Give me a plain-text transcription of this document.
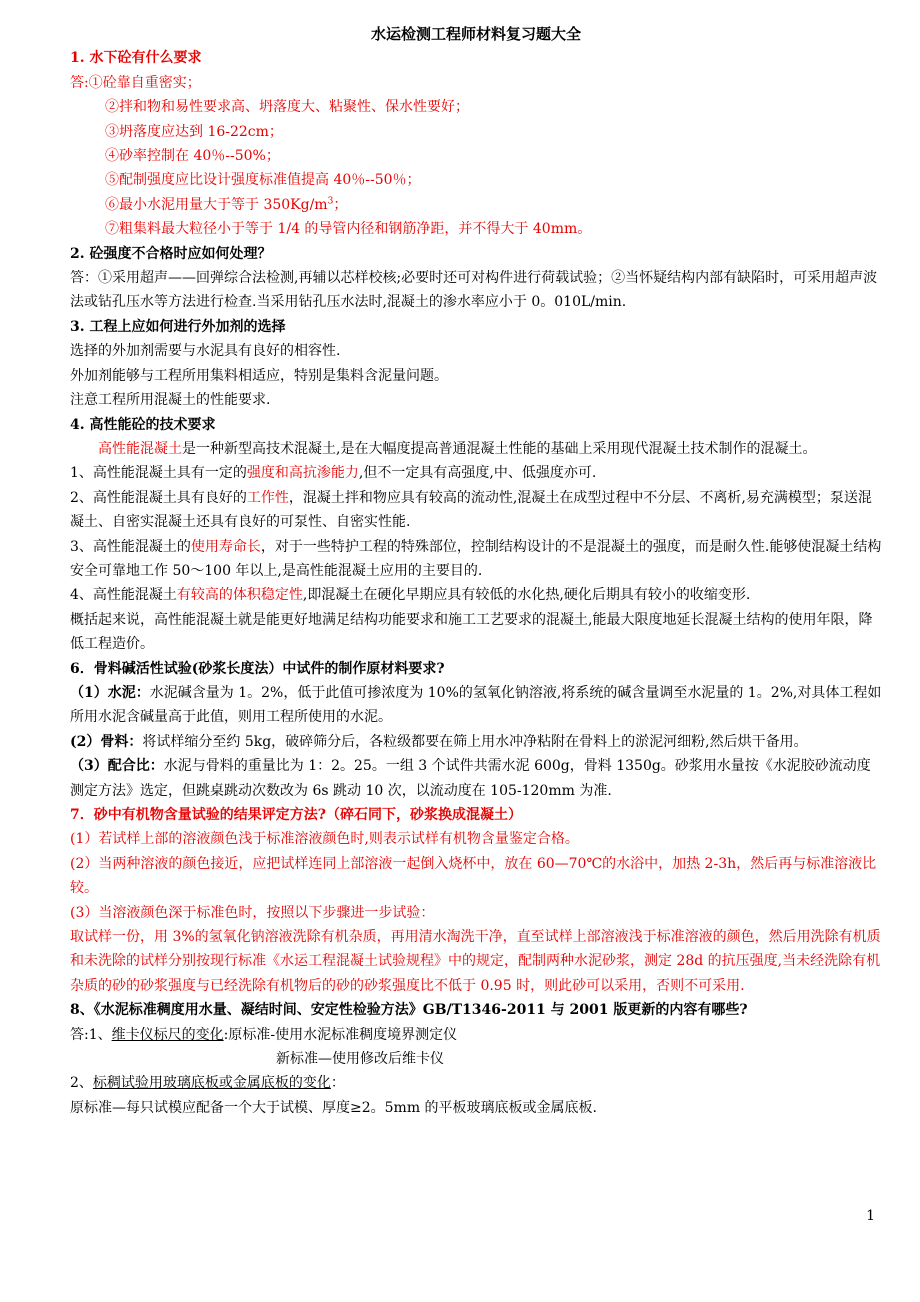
水运检测工程师材料复习题大全
1. 水下砼有什么要求

答:①砼靠自重密实；

②拌和物和易性要求高、坍落度大、粘聚性、保水性要好；

③坍落度应达到 16-22cm；

④砂率控制在 40％--50%；

⑤配制强度应比设计强度标准值提高 40％--50％；

⑥最小水泥用量大于等于 $350Kg/m^3$；

⑦粗集料最大粒径小于等于 1/4 的导管内径和钢筋净距，并不得大于 40mm。

2. 砼强度不合格时应如何处理？

答：①采用超声——回弹综合法检测,再辅以芯样校核;必要时还可对构件进行荷载试验；②当怀疑结构内部有缺陷时，可采用超声波法或钻孔压水等方法进行检查.当采用钻孔压水法时,混凝土的渗水率应小于 0。010L/min.

3. 工程上应如何进行外加剂的选择

选择的外加剂需要与水泥具有良好的相容性.

外加剂能够与工程所用集料相适应，特别是集料含泥量问题。

注意工程所用混凝土的性能要求.

4. 高性能砼的技术要求

高性能混凝土是一种新型高技术混凝土,是在大幅度提高普通混凝土性能的基础上采用现代混凝土技术制作的混凝土。

1、高性能混凝土具有一定的强度和高抗渗能力,但不一定具有高强度,中、低强度亦可.

2、高性能混凝土具有良好的工作性，混凝土拌和物应具有较高的流动性,混凝土在成型过程中不分层、不离析,易充满模型；泵送混凝土、自密实混凝土还具有良好的可泵性、自密实性能.

3、高性能混凝土的使用寿命长，对于一些特护工程的特殊部位，控制结构设计的不是混凝土的强度，而是耐久性.能够使混凝土结构安全可靠地工作 50～100 年以上,是高性能混凝土应用的主要目的.

4、高性能混凝土有较高的体积稳定性,即混凝土在硬化早期应具有较低的水化热,硬化后期具有较小的收缩变形.

概括起来说，高性能混凝土就是能更好地满足结构功能要求和施工工艺要求的混凝土,能最大限度地延长混凝土结构的使用年限，降低工程造价。

6．骨料碱活性试验(砂浆长度法）中试件的制作原材料要求?

（1）水泥：水泥碱含量为 1。2%，低于此值可掺浓度为 10%的氢氧化钠溶液,将系统的碱含量调至水泥量的 1。2%,对具体工程如所用水泥含碱量高于此值，则用工程所使用的水泥。

(2）骨料：将试样缩分至约 5kg，破碎筛分后，各粒级都要在筛上用水冲净粘附在骨料上的淤泥河细粉,然后烘干备用。

（3）配合比：水泥与骨料的重量比为 1：2。25。一组 3 个试件共需水泥 600g，骨料 1350g。砂浆用水量按《水泥胶砂流动度测定方法》选定，但跳桌跳动次数改为 6s 跳动 10 次，以流动度在 105-120mm 为准.

7．砂中有机物含量试验的结果评定方法?（碎石同下，砂浆换成混凝土）

(1）若试样上部的溶液颜色浅于标准溶液颜色时,则表示试样有机物含量鉴定合格。

(2）当两种溶液的颜色接近，应把试样连同上部溶液一起倒入烧杯中，放在 60—70℃的水浴中，加热 2-3h，然后再与标准溶液比较。

(3）当溶液颜色深于标准色时，按照以下步骤进一步试验：

取试样一份，用 3%的氢氧化钠溶液洗除有机杂质，再用清水淘洗干净，直至试样上部溶液浅于标准溶液的颜色，然后用洗除有机质和未洗除的试样分别按现行标准《水运工程混凝土试验规程》中的规定，配制两种水泥砂浆，测定 28d 的抗压强度,当未经洗除有机杂质的砂的砂浆强度与已经洗除有机物后的砂的砂浆强度比不低于 0.95 时，则此砂可以采用，否则不可采用.

8、《水泥标准稠度用水量、凝结时间、安定性检验方法》GB/T1346-2011 与 2001 版更新的内容有哪些?

答:1、维卡仪标尺的变化:原标准-使用水泥标准稠度境界测定仪

新标准—使用修改后维卡仪

2、标稠试验用玻璃底板或金属底板的变化：

原标准—每只试模应配备一个大于试模、厚度≥2。5mm 的平板玻璃底板或金属底板.

1
